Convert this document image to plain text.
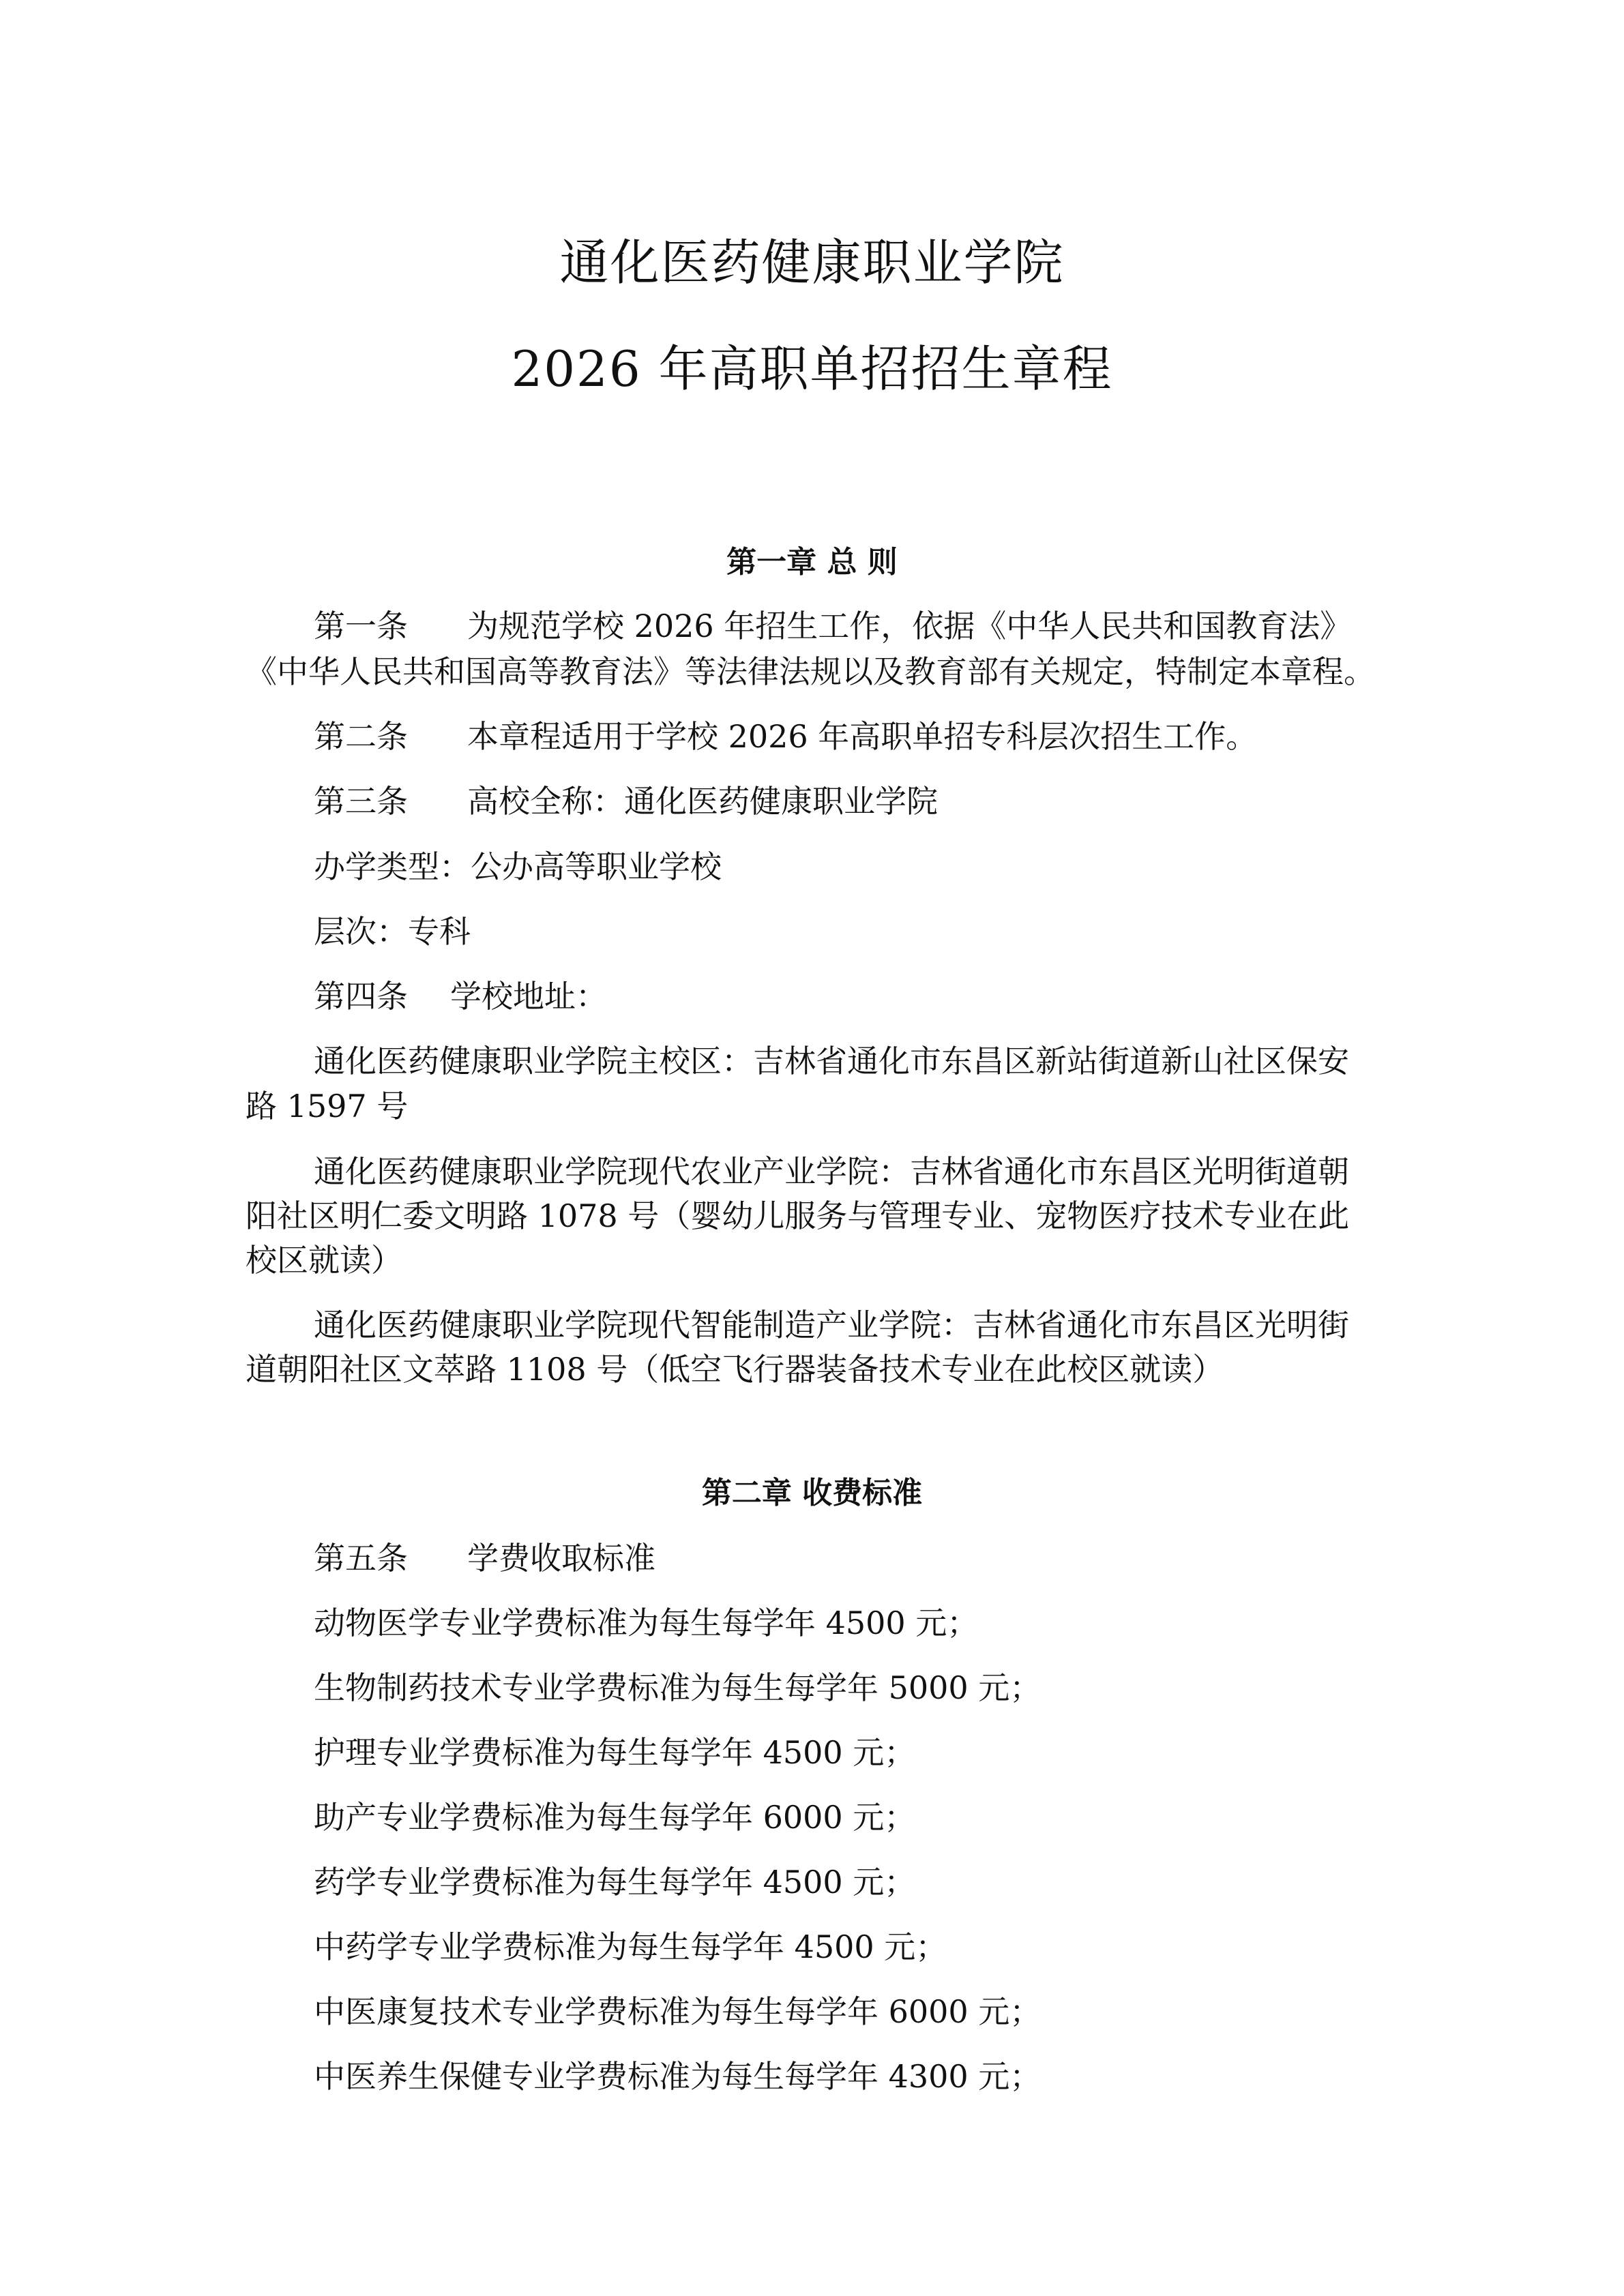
通化医药健康职业学院
2026 年高职单招招生章程
第一章 总 则
第一条 为规范学校 2026 年招生工作，依据《中华人民共和国教育法》
《中华人民共和国高等教育法》等法律法规以及教育部有关规定，特制定本章程。
第二条 本章程适用于学校 2026 年高职单招专科层次招生工作。
第三条 高校全称：通化医药健康职业学院
办学类型：公办高等职业学校
层次：专科
第四条 学校地址：
通化医药健康职业学院主校区：吉林省通化市东昌区新站街道新山社区保安
路 1597 号
通化医药健康职业学院现代农业产业学院：吉林省通化市东昌区光明街道朝
阳社区明仁委文明路 1078 号（婴幼儿服务与管理专业、宠物医疗技术专业在此
校区就读）
通化医药健康职业学院现代智能制造产业学院：吉林省通化市东昌区光明街
道朝阳社区文萃路 1108 号（低空飞行器装备技术专业在此校区就读）
第二章 收费标准
第五条 学费收取标准
动物医学专业学费标准为每生每学年 4500 元；
生物制药技术专业学费标准为每生每学年 5000 元；
护理专业学费标准为每生每学年 4500 元；
助产专业学费标准为每生每学年 6000 元；
药学专业学费标准为每生每学年 4500 元；
中药学专业学费标准为每生每学年 4500 元；
中医康复技术专业学费标准为每生每学年 6000 元；
中医养生保健专业学费标准为每生每学年 4300 元；
